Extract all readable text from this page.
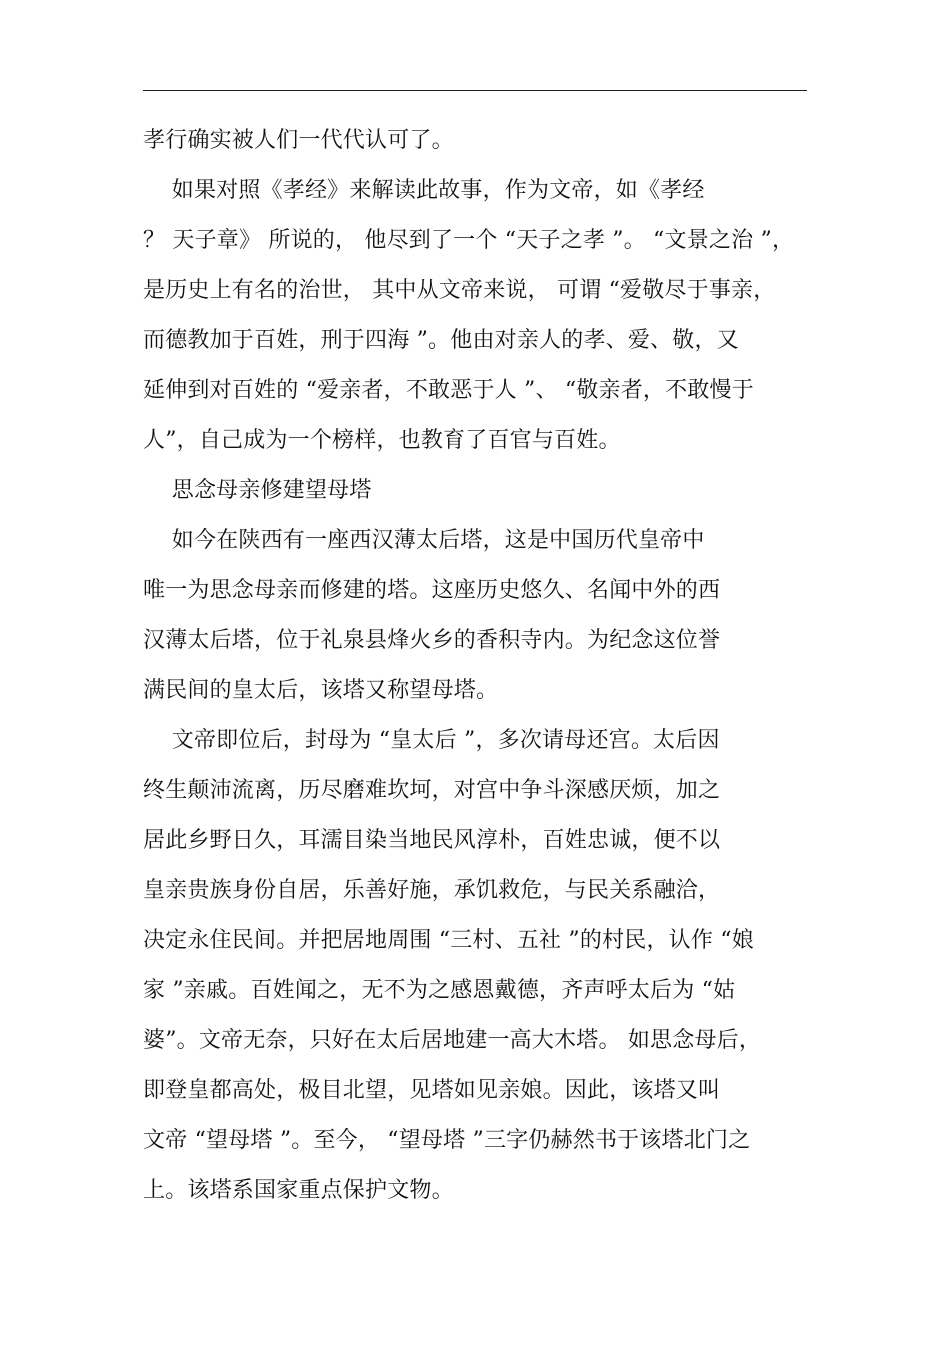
孝行确实被人们一代代认可了。
如果对照《孝经》来解读此故事，作为文帝，如《孝经
？ 天子章》 所说的， 他尽到了一个 “天子之孝 ”。 “文景之治 ”，
是历史上有名的治世， 其中从文帝来说， 可谓 “爱敬尽于事亲，
而德教加于百姓，刑于四海 ”。他由对亲人的孝、爱、敬，又
延伸到对百姓的 “爱亲者，不敢恶于人 ”、 “敬亲者，不敢慢于
人”，自己成为一个榜样，也教育了百官与百姓。
思念母亲修建望母塔
如今在陕西有一座西汉薄太后塔，这是中国历代皇帝中
唯一为思念母亲而修建的塔。这座历史悠久、名闻中外的西
汉薄太后塔，位于礼泉县烽火乡的香积寺内。为纪念这位誉
满民间的皇太后，该塔又称望母塔。
文帝即位后，封母为 “皇太后 ”，多次请母还宫。太后因
终生颠沛流离，历尽磨难坎坷，对宫中争斗深感厌烦，加之
居此乡野日久，耳濡目染当地民风淳朴，百姓忠诚，便不以
皇亲贵族身份自居，乐善好施，承饥救危，与民关系融洽，
决定永住民间。并把居地周围 “三村、五社 ”的村民，认作 “娘
家 ”亲戚。百姓闻之，无不为之感恩戴德，齐声呼太后为 “姑
婆”。文帝无奈，只好在太后居地建一高大木塔。 如思念母后，
即登皇都高处，极目北望，见塔如见亲娘。因此，该塔又叫
文帝 “望母塔 ”。至今， “望母塔 ”三字仍赫然书于该塔北门之
上。该塔系国家重点保护文物。
